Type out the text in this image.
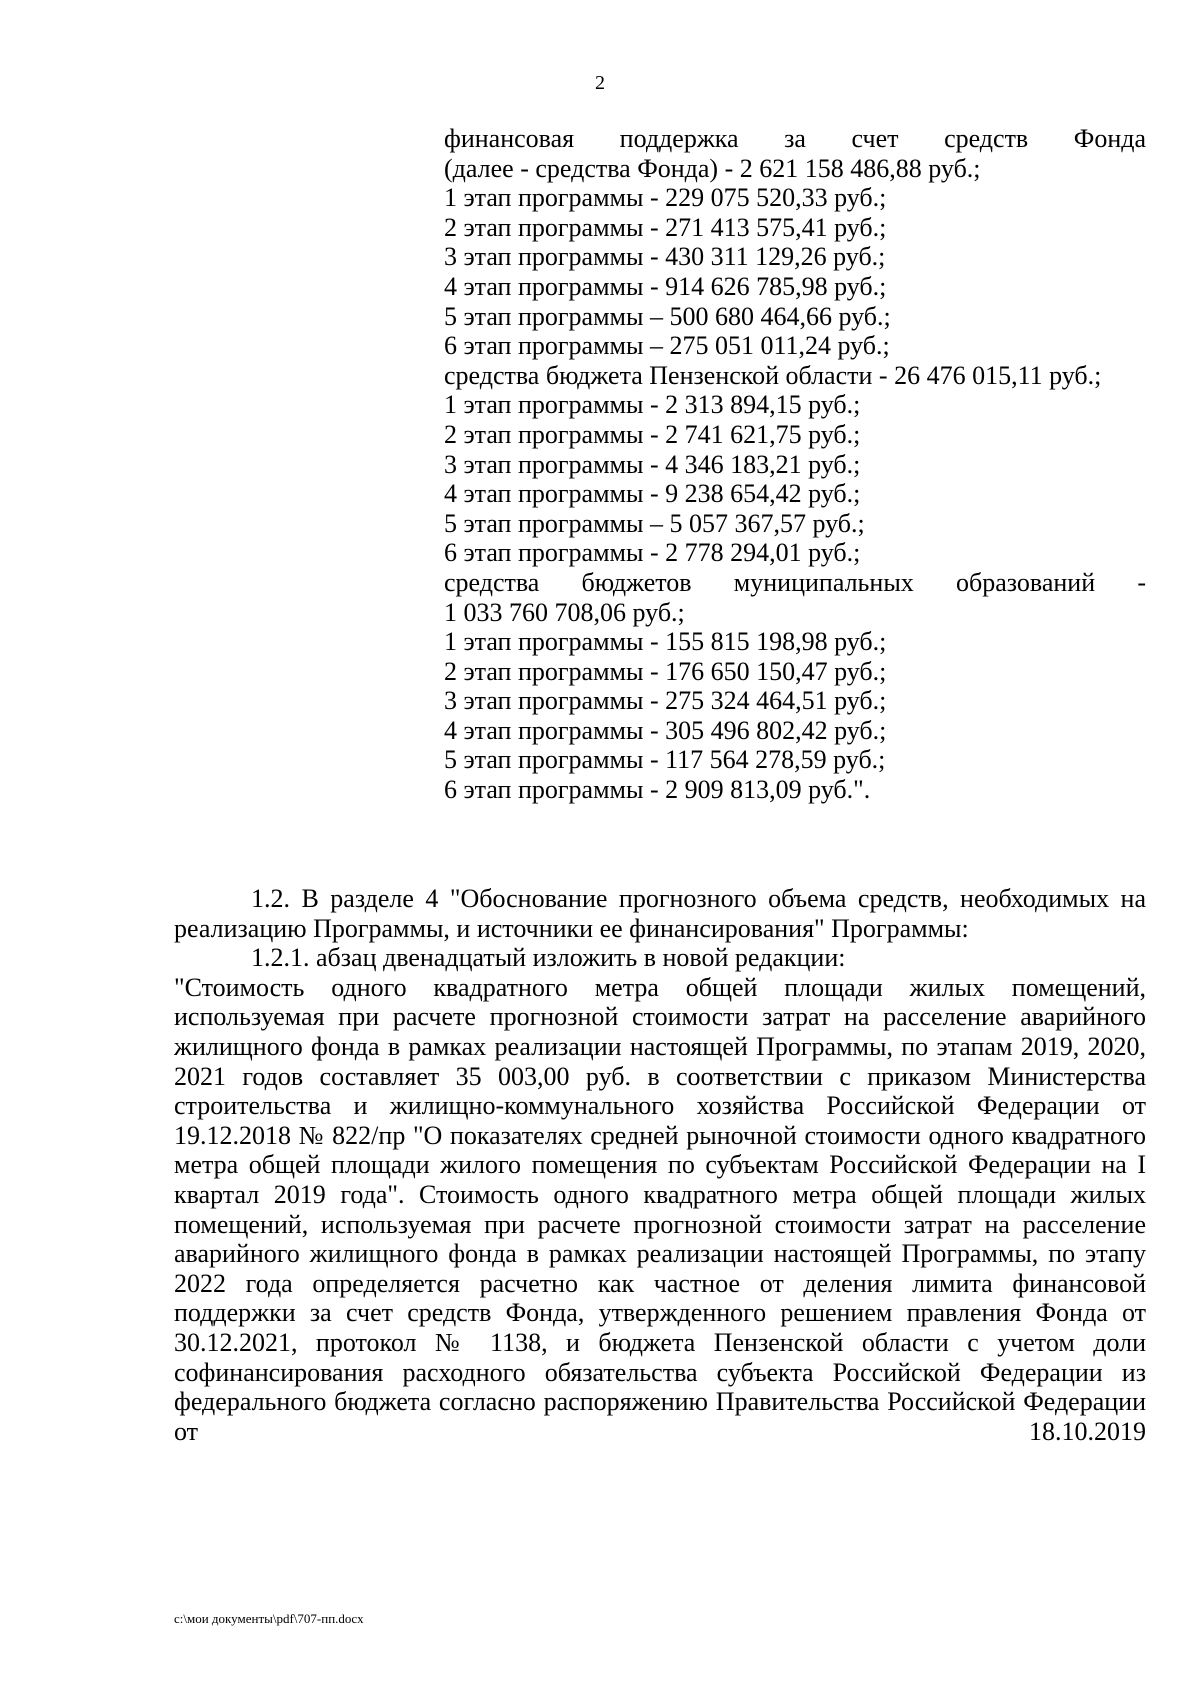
2
финансовая поддержка за счет средств Фонда
(далее - средства Фонда) - 2 621 158 486,88 руб.;
1 этап программы - 229 075 520,33 руб.;
2 этап программы - 271 413 575,41 руб.;
3 этап программы - 430 311 129,26 руб.;
4 этап программы - 914 626 785,98 руб.;
5 этап программы – 500 680 464,66 руб.;
6 этап программы – 275 051 011,24 руб.;
средства бюджета Пензенской области - 26 476 015,11 руб.;
1 этап программы - 2 313 894,15 руб.;
2 этап программы - 2 741 621,75 руб.;
3 этап программы - 4 346 183,21 руб.;
4 этап программы - 9 238 654,42 руб.;
5 этап программы – 5 057 367,57 руб.;
6 этап программы - 2 778 294,01 руб.;
средства бюджетов муниципальных образований -
1 033 760 708,06 руб.;
1 этап программы - 155 815 198,98 руб.;
2 этап программы - 176 650 150,47 руб.;
3 этап программы - 275 324 464,51 руб.;
4 этап программы - 305 496 802,42 руб.;
5 этап программы - 117 564 278,59 руб.;
6 этап программы - 2 909 813,09 руб.".
1.2. В разделе 4 "Обоснование прогнозного объема средств, необходимых на реализацию Программы, и источники ее финансирования" Программы:
1.2.1. абзац двенадцатый изложить в новой редакции:
"Стоимость одного квадратного метра общей площади жилых помещений, используемая при расчете прогнозной стоимости затрат на расселение аварийного жилищного фонда в рамках реализации настоящей Программы, по этапам 2019, 2020, 2021 годов составляет 35 003,00 руб. в соответствии с приказом Министерства строительства и жилищно-коммунального хозяйства Российской Федерации от 19.12.2018 № 822/пр "О показателях средней рыночной стоимости одного квадратного метра общей площади жилого помещения по субъектам Российской Федерации на I квартал 2019 года". Стоимость одного квадратного метра общей площади жилых помещений, используемая при расчете прогнозной стоимости затрат на расселение аварийного жилищного фонда в рамках реализации настоящей Программы, по этапу 2022 года определяется расчетно как частное от деления лимита финансовой поддержки за счет средств Фонда, утвержденного решением правления Фонда от 30.12.2021, протокол № 1138, и бюджета Пензенской области с учетом доли софинансирования расходного обязательства субъекта Российской Федерации из федерального бюджета согласно распоряжению Правительства Российской Федерации от 18.10.2019
c:\мои документы\pdf\707-пп.docx
